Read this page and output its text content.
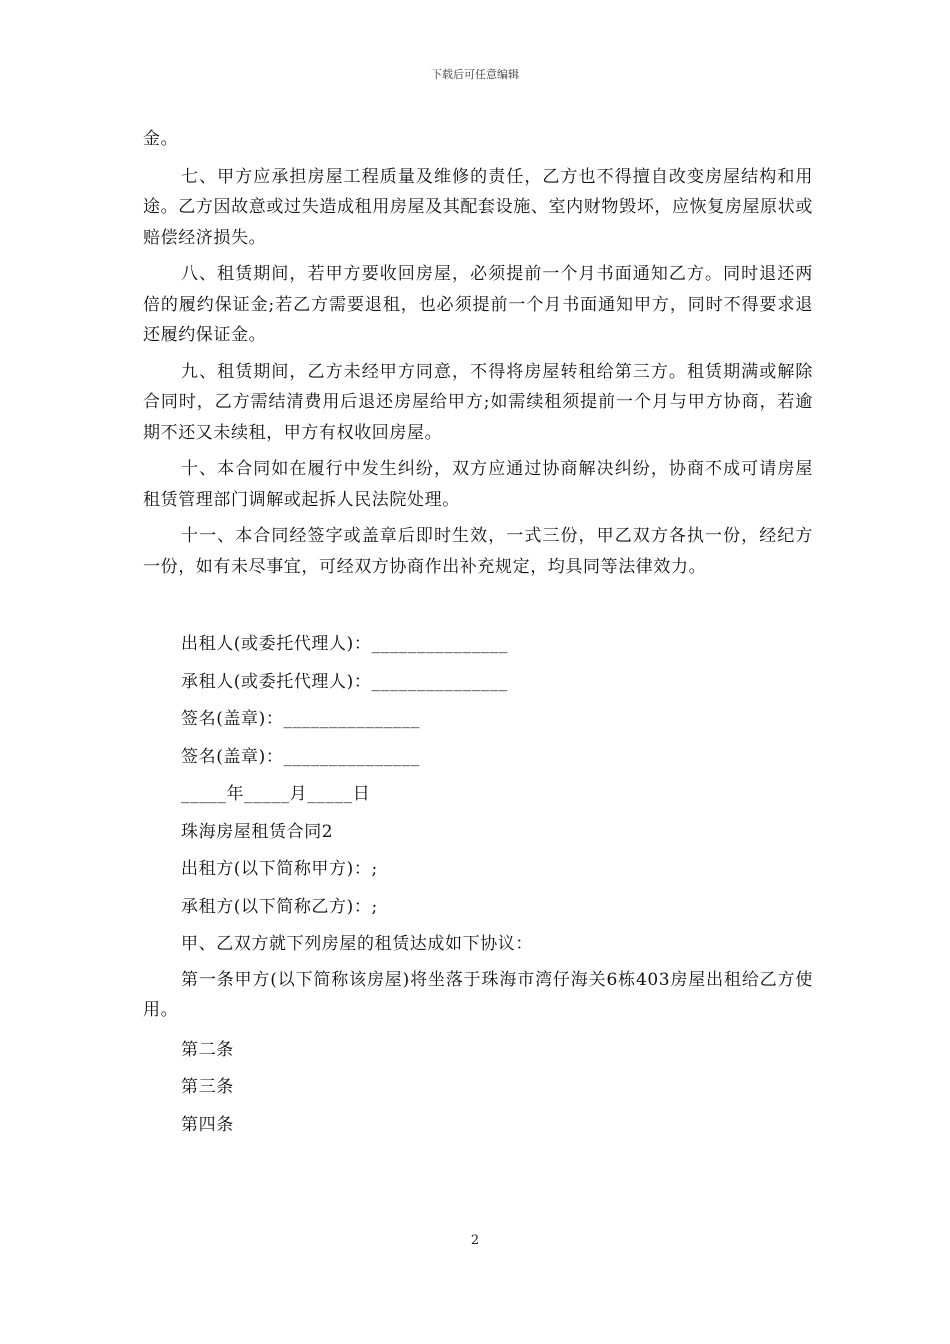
下载后可任意编辑

金。

七、甲方应承担房屋工程质量及维修的责任，乙方也不得擅自改变房屋结构和用途。乙方因故意或过失造成租用房屋及其配套设施、室内财物毁坏，应恢复房屋原状或赔偿经济损失。

八、租赁期间，若甲方要收回房屋，必须提前一个月书面通知乙方。同时退还两倍的履约保证金;若乙方需要退租，也必须提前一个月书面通知甲方，同时不得要求退还履约保证金。

九、租赁期间，乙方未经甲方同意，不得将房屋转租给第三方。租赁期满或解除合同时，乙方需结清费用后退还房屋给甲方;如需续租须提前一个月与甲方协商，若逾期不还又未续租，甲方有权收回房屋。

十、本合同如在履行中发生纠纷，双方应通过协商解决纠纷，协商不成可请房屋租赁管理部门调解或起拆人民法院处理。

十一、本合同经签字或盖章后即时生效，一式三份，甲乙双方各执一份，经纪方一份，如有未尽事宜，可经双方协商作出补充规定，均具同等法律效力。

出租人(或委托代理人)：_______________
承租人(或委托代理人)：_______________
签名(盖章)：_______________
签名(盖章)：_______________
_____年_____月_____日
珠海房屋租赁合同2
出租方(以下简称甲方)：;
承租方(以下简称乙方)：;
甲、乙双方就下列房屋的租赁达成如下协议：

第一条甲方(以下简称该房屋)将坐落于珠海市湾仔海关6栋403房屋出租给乙方使用。

第二条
第三条
第四条
2
